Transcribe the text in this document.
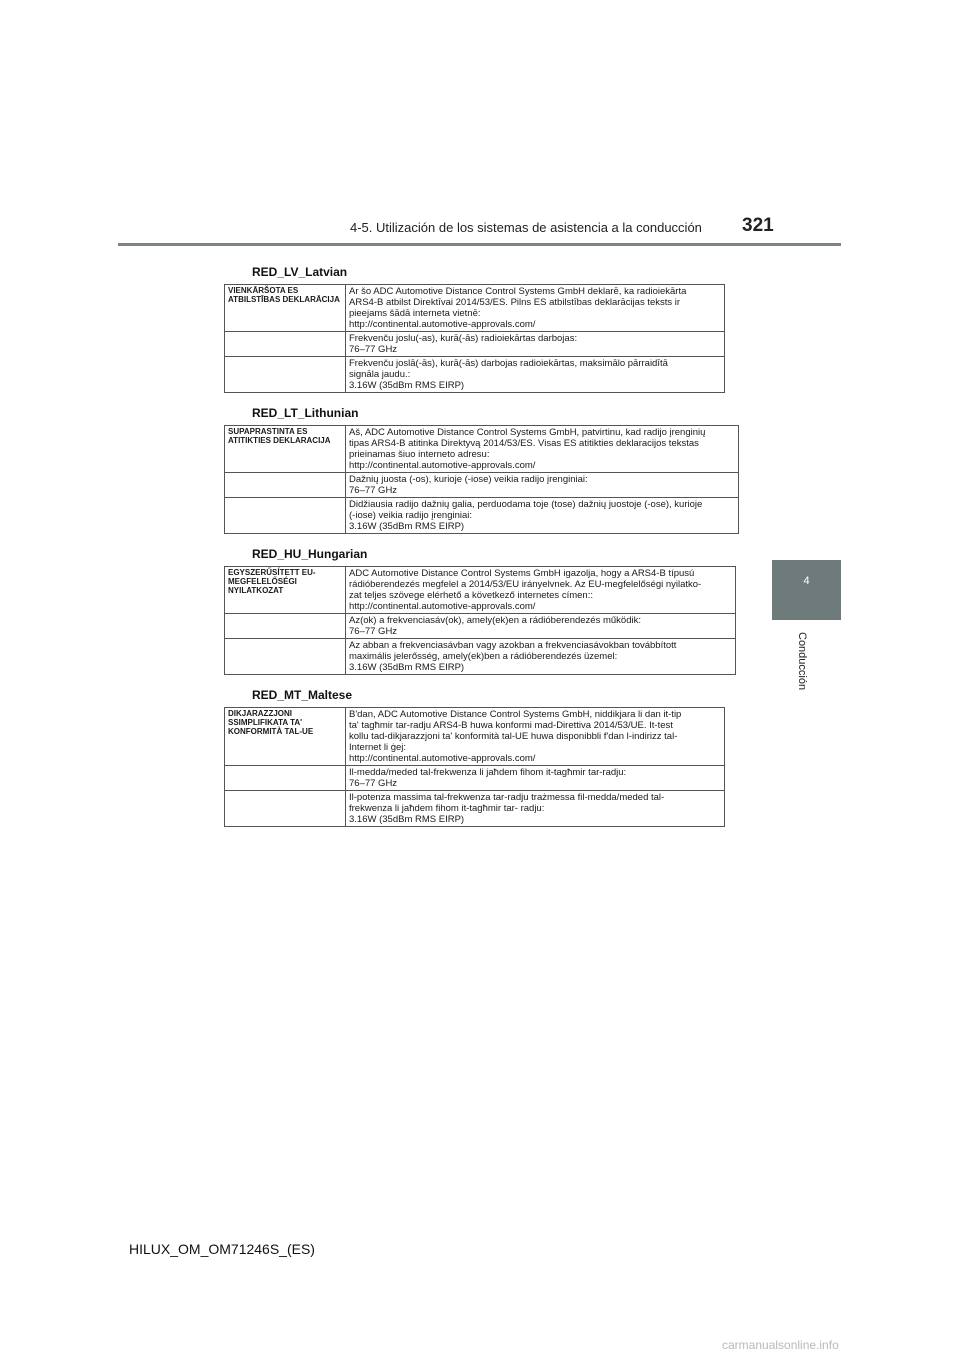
4-5. Utilización de los sistemas de asistencia a la conducción 321
4
Conducción
RED_LV_Latvian
VIENKĀRŠOTA ES ATBILSTĪBAS DEKLARĀCIJA	Ar šo ADC Automotive Distance Control Systems GmbH deklarē, ka radioiekārta
ARS4-B atbilst Direktīvai 2014/53/ES. Pilns ES atbilstības deklarācijas teksts ir
pieejams šādā interneta vietnē:
http://continental.automotive-approvals.com/
	Frekvenču joslu(-as), kurā(-ās) radioiekārtas darbojas:
76–77 GHz
	Frekvenču joslā(-ās), kurā(-ās) darbojas radioiekārtas, maksimālo pārraidītā
signāla jaudu.:
3.16W (35dBm RMS EIRP)
RED_LT_Lithunian
SUPAPRASTINTA ES ATITIKTIES DEKLARACIJA	Aš, ADC Automotive Distance Control Systems GmbH, patvirtinu, kad radijo įrenginių
tipas ARS4-B atitinka Direktyvą 2014/53/ES. Visas ES atitikties deklaracijos tekstas
prieinamas šiuo interneto adresu:
http://continental.automotive-approvals.com/
	Dažnių juosta (-os), kurioje (-iose) veikia radijo įrenginiai:
76–77 GHz
	Didžiausia radijo dažnių galia, perduodama toje (tose) dažnių juostoje (-ose), kurioje
(-iose) veikia radijo įrenginiai:
3.16W (35dBm RMS EIRP)
RED_HU_Hungarian
EGYSZERŰSÍTETT EU-MEGFELELŐSÉGI NYILATKOZAT	ADC Automotive Distance Control Systems GmbH igazolja, hogy a ARS4-B típusú
rádióberendezés megfelel a 2014/53/EU irányelvnek. Az EU-megfelelőségi nyilatko-
zat teljes szövege elérhető a következő internetes címen::
http://continental.automotive-approvals.com/
	Az(ok) a frekvenciasáv(ok), amely(ek)en a rádióberendezés működik:
76–77 GHz
	Az abban a frekvenciasávban vagy azokban a frekvenciasávokban továbbított
maximális jelerősség, amely(ek)ben a rádióberendezés üzemel:
3.16W (35dBm RMS EIRP)
RED_MT_Maltese
DIKJARAZZJONI SSIMPLIFIKATA TA' KONFORMITÀ TAL-UE	B'dan, ADC Automotive Distance Control Systems GmbH, niddikjara li dan it-tip
ta' tagħmir tar-radju ARS4-B huwa konformi mad-Direttiva 2014/53/UE. It-test
kollu tad-dikjarazzjoni ta' konformità tal-UE huwa disponibbli f'dan l-indirizz tal-
Internet li ġej:
http://continental.automotive-approvals.com/
	Il-medda/meded tal-frekwenza li jaħdem fihom it-tagħmir tar-radju:
76–77 GHz
	Il-potenza massima tal-frekwenza tar-radju trażmessa fil-medda/meded tal-
frekwenza li jaħdem fihom it-tagħmir tar- radju:
3.16W (35dBm RMS EIRP)
HILUX_OM_OM71246S_(ES)
carmanualsonline.info
